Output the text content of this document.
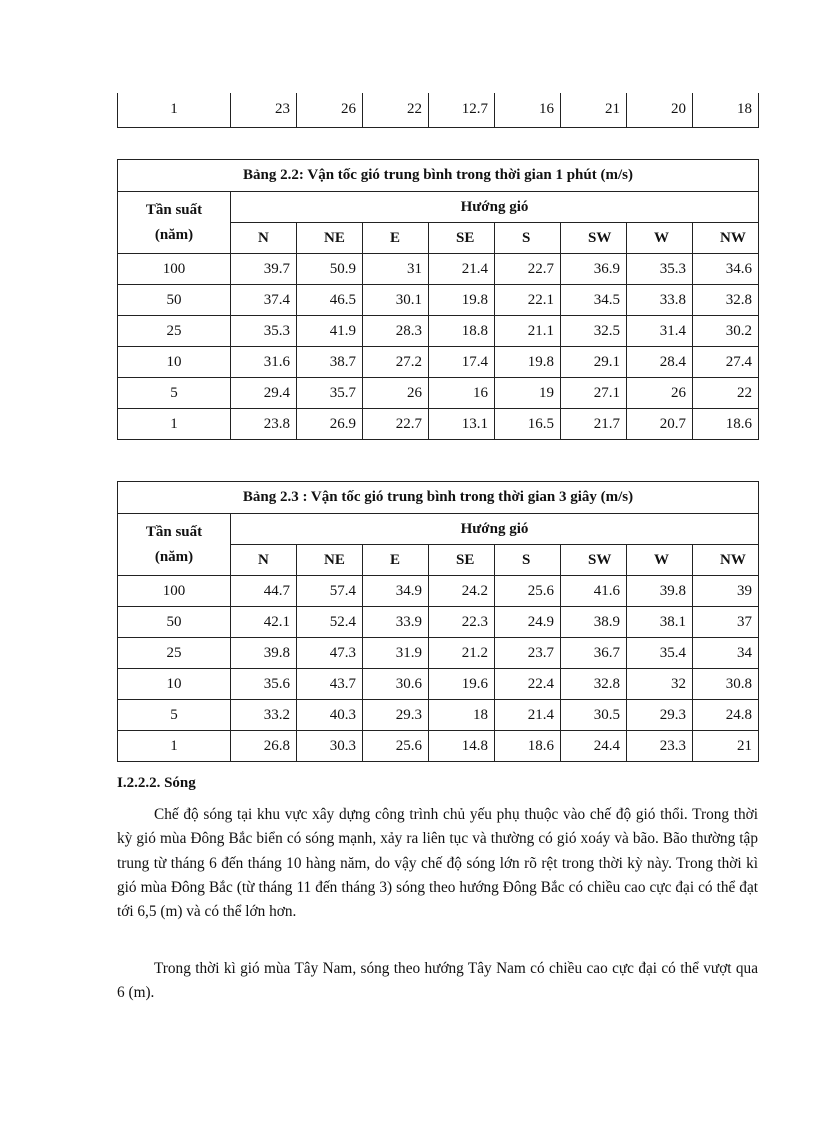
1	23	26	22	12.7	16	21	20	18
Bảng 2.2: Vận tốc gió trung bình trong thời gian 1 phút (m/s)								
Tần suất
(năm)	Hướng gió							
	N	NE	E	SE	S	SW	W	NW
100	39.7	50.9	31	21.4	22.7	36.9	35.3	34.6
50	37.4	46.5	30.1	19.8	22.1	34.5	33.8	32.8
25	35.3	41.9	28.3	18.8	21.1	32.5	31.4	30.2
10	31.6	38.7	27.2	17.4	19.8	29.1	28.4	27.4
5	29.4	35.7	26	16	19	27.1	26	22
1	23.8	26.9	22.7	13.1	16.5	21.7	20.7	18.6
Bảng 2.3 : Vận tốc gió trung bình trong thời gian 3 giây (m/s)								
Tần suất
(năm)	Hướng gió							
	N	NE	E	SE	S	SW	W	NW
100	44.7	57.4	34.9	24.2	25.6	41.6	39.8	39
50	42.1	52.4	33.9	22.3	24.9	38.9	38.1	37
25	39.8	47.3	31.9	21.2	23.7	36.7	35.4	34
10	35.6	43.7	30.6	19.6	22.4	32.8	32	30.8
5	33.2	40.3	29.3	18	21.4	30.5	29.3	24.8
1	26.8	30.3	25.6	14.8	18.6	24.4	23.3	21
I.2.2.2. Sóng

Chế độ sóng tại khu vực xây dựng công trình chủ yếu phụ thuộc vào chế độ gió thổi. Trong thời kỳ gió mùa Đông Bắc biển có sóng mạnh, xảy ra liên tục và thường có gió xoáy và bão. Bão thường tập trung từ tháng 6 đến tháng 10 hàng năm, do vậy chế độ sóng lớn rõ rệt trong thời kỳ này. Trong thời kì gió mùa Đông Bắc (từ tháng 11 đến tháng 3) sóng theo hướng Đông Bắc có chiều cao cực đại có thể đạt tới 6,5 (m) và có thể lớn hơn.

Trong thời kì gió mùa Tây Nam, sóng theo hướng Tây Nam có chiều cao cực đại có thể vượt qua 6 (m).
